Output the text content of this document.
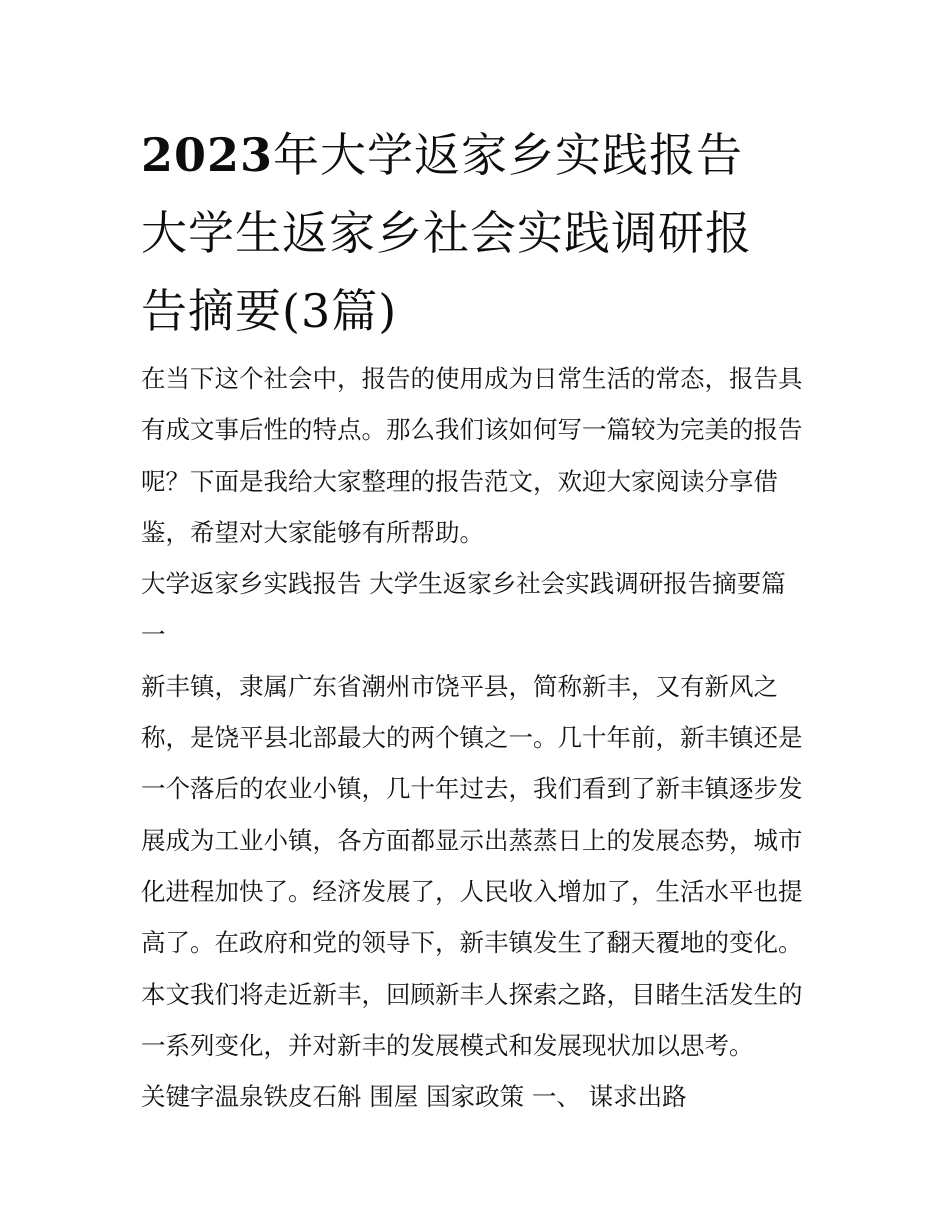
2023年大学返家乡实践报告
大学生返家乡社会实践调研报
告摘要(3篇)
在当下这个社会中，报告的使用成为日常生活的常态，报告具
有成文事后性的特点。那么我们该如何写一篇较为完美的报告
呢？下面是我给大家整理的报告范文，欢迎大家阅读分享借
鉴，希望对大家能够有所帮助。
大学返家乡实践报告 大学生返家乡社会实践调研报告摘要篇
一
新丰镇，隶属广东省潮州市饶平县，简称新丰，又有新风之
称，是饶平县北部最大的两个镇之一。几十年前，新丰镇还是
一个落后的农业小镇，几十年过去，我们看到了新丰镇逐步发
展成为工业小镇，各方面都显示出蒸蒸日上的发展态势，城市
化进程加快了。经济发展了，人民收入增加了，生活水平也提
高了。在政府和党的领导下，新丰镇发生了翻天覆地的变化。
本文我们将走近新丰，回顾新丰人探索之路，目睹生活发生的
一系列变化，并对新丰的发展模式和发展现状加以思考。
关键字温泉铁皮石斛 围屋 国家政策 一、 谋求出路
